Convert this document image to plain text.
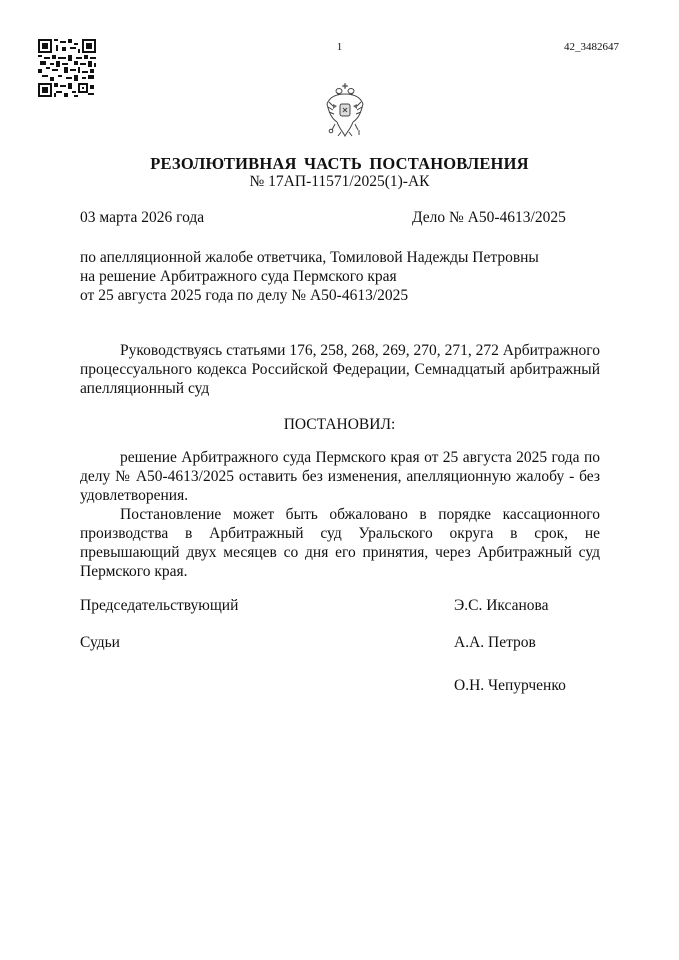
1	42_3482647
РЕЗОЛЮТИВНАЯ ЧАСТЬ ПОСТАНОВЛЕНИЯ
№ 17АП-11571/2025(1)-АК
03 марта 2026 года	Дело № А50-4613/2025
по апелляционной жалобе ответчика, Томиловой Надежды Петровны
на решение Арбитражного суда Пермского края
от 25 августа 2025 года по делу № А50-4613/2025
Руководствуясь статьями 176, 258, 268, 269, 270, 271, 272 Арбитражного процессуального кодекса Российской Федерации, Семнадцатый арбитражный апелляционный суд
ПОСТАНОВИЛ:
решение Арбитражного суда Пермского края от 25 августа 2025 года по делу № А50-4613/2025 оставить без изменения, апелляционную жалобу - без удовлетворения.
Постановление может быть обжаловано в порядке кассационного производства в Арбитражный суд Уральского округа в срок, не превышающий двух месяцев со дня его принятия, через Арбитражный суд Пермского края.
Председательствующий	Э.С. Иксанова
Судьи	А.А. Петров
О.Н. Чепурченко
